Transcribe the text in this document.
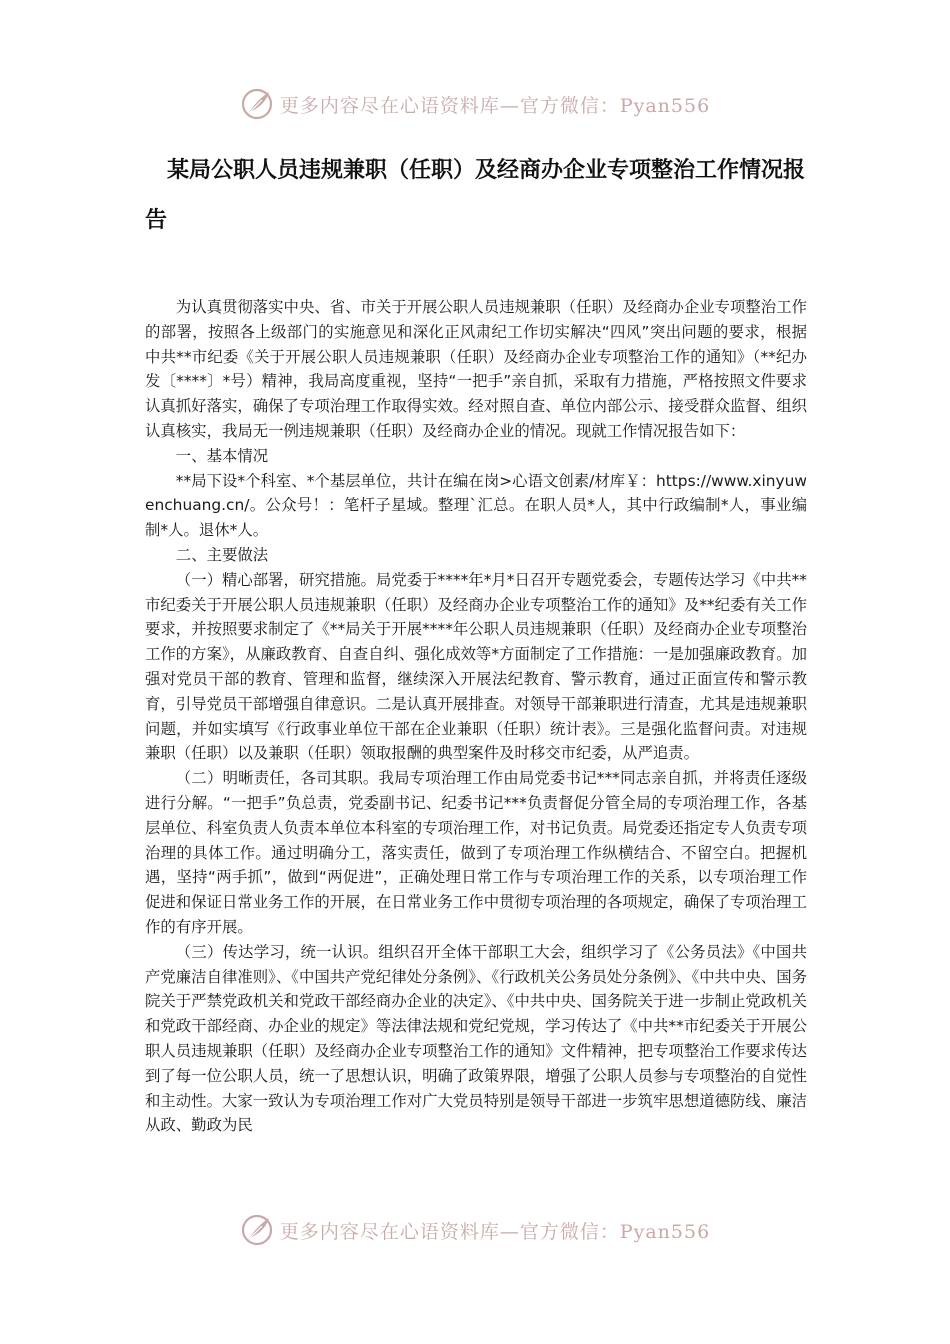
更多内容尽在心语资料库—官方微信：Pyan556
某局公职人员违规兼职（任职）及经商办企业专项整治工作情况报告

为认真贯彻落实中央、省、市关于开展公职人员违规兼职（任职）及经商办企业专项整治工作的部署，按照各上级部门的实施意见和深化正风肃纪工作切实解决“四风”突出问题的要求，根据中共**市纪委《关于开展公职人员违规兼职（任职）及经商办企业专项整治工作的通知》（**纪办发〔****〕*号）精神，我局高度重视，坚持“一把手”亲自抓，采取有力措施，严格按照文件要求认真抓好落实，确保了专项治理工作取得实效。经对照自查、单位内部公示、接受群众监督、组织认真核实，我局无一例违规兼职（任职）及经商办企业的情况。现就工作情况报告如下：

一、基本情况

**局下设*个科室、*个基层单位，共计在编在岗>心语文创素/材库￥：https://www.xinyuwenchuang.cn/。公众号！：笔杆子星域。整理`汇总。在职人员*人，其中行政编制*人，事业编制*人。退休*人。

二、主要做法

（一）精心部署，研究措施。局党委于****年*月*日召开专题党委会，专题传达学习《中共**市纪委关于开展公职人员违规兼职（任职）及经商办企业专项整治工作的通知》及**纪委有关工作要求，并按照要求制定了《**局关于开展****年公职人员违规兼职（任职）及经商办企业专项整治工作的方案》，从廉政教育、自查自纠、强化成效等*方面制定了工作措施：一是加强廉政教育。加强对党员干部的教育、管理和监督，继续深入开展法纪教育、警示教育，通过正面宣传和警示教育，引导党员干部增强自律意识。二是认真开展排查。对领导干部兼职进行清查，尤其是违规兼职问题，并如实填写《行政事业单位干部在企业兼职（任职）统计表》。三是强化监督问责。对违规兼职（任职）以及兼职（任职）领取报酬的典型案件及时移交市纪委，从严追责。

（二）明晰责任，各司其职。我局专项治理工作由局党委书记***同志亲自抓，并将责任逐级进行分解。“一把手”负总责，党委副书记、纪委书记***负责督促分管全局的专项治理工作，各基层单位、科室负责人负责本单位本科室的专项治理工作，对书记负责。局党委还指定专人负责专项治理的具体工作。通过明确分工，落实责任，做到了专项治理工作纵横结合、不留空白。把握机遇，坚持“两手抓”，做到“两促进”，正确处理日常工作与专项治理工作的关系，以专项治理工作促进和保证日常业务工作的开展，在日常业务工作中贯彻专项治理的各项规定，确保了专项治理工作的有序开展。

（三）传达学习，统一认识。组织召开全体干部职工大会，组织学习了《公务员法》《中国共产党廉洁自律准则》、《中国共产党纪律处分条例》、《行政机关公务员处分条例》、《中共中央、国务院关于严禁党政机关和党政干部经商办企业的决定》、《中共中央、国务院关于进一步制止党政机关和党政干部经商、办企业的规定》等法律法规和党纪党规，学习传达了《中共**市纪委关于开展公职人员违规兼职（任职）及经商办企业专项整治工作的通知》文件精神，把专项整治工作要求传达到了每一位公职人员，统一了思想认识，明确了政策界限，增强了公职人员参与专项整治的自觉性和主动性。大家一致认为专项治理工作对广大党员特别是领导干部进一步筑牢思想道德防线、廉洁从政、勤政为民

更多内容尽在心语资料库—官方微信：Pyan556
